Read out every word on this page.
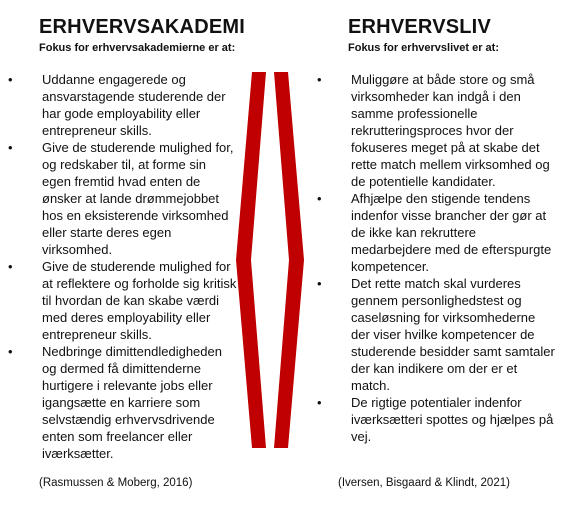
ERHVERVSAKADEMI
Fokus for erhvervsakademierne er at:
• Uddanne engagerede og ansvarstagende studerende der har gode employability eller entrepreneur skills.
• Give de studerende mulighed for, og redskaber til, at forme sin egen fremtid hvad enten de ønsker at lande drømmejobbet hos en eksisterende virksomhed eller starte deres egen virksomhed.
• Give de studerende mulighed for at reflektere og forholde sig kritisk til hvordan de kan skabe værdi med deres employability eller entrepreneur skills.
• Nedbringe dimittendledigheden og dermed få dimittenderne hurtigere i relevante jobs eller igangsætte en karriere som selvstændig erhvervsdrivende enten som freelancer eller iværksætter.
(Rasmussen & Moberg, 2016)
ERHVERVSLIV
Fokus for erhvervslivet er at:
• Muliggøre at både store og små virksomheder kan indgå i den samme professionelle rekrutteringsproces hvor der fokuseres meget på at skabe det rette match mellem virksomhed og de potentielle kandidater.
• Afhjælpe den stigende tendens indenfor visse brancher der gør at de ikke kan rekruttere medarbejdere med de efterspurgte kompetencer.
• Det rette match skal vurderes gennem personlighedstest og caseløsning for virksomhederne der viser hvilke kompetencer de studerende besidder samt samtaler der kan indikere om der er et match.
• De rigtige potentialer indenfor iværksætteri spottes og hjælpes på vej.
(Iversen, Bisgaard & Klindt, 2021)
